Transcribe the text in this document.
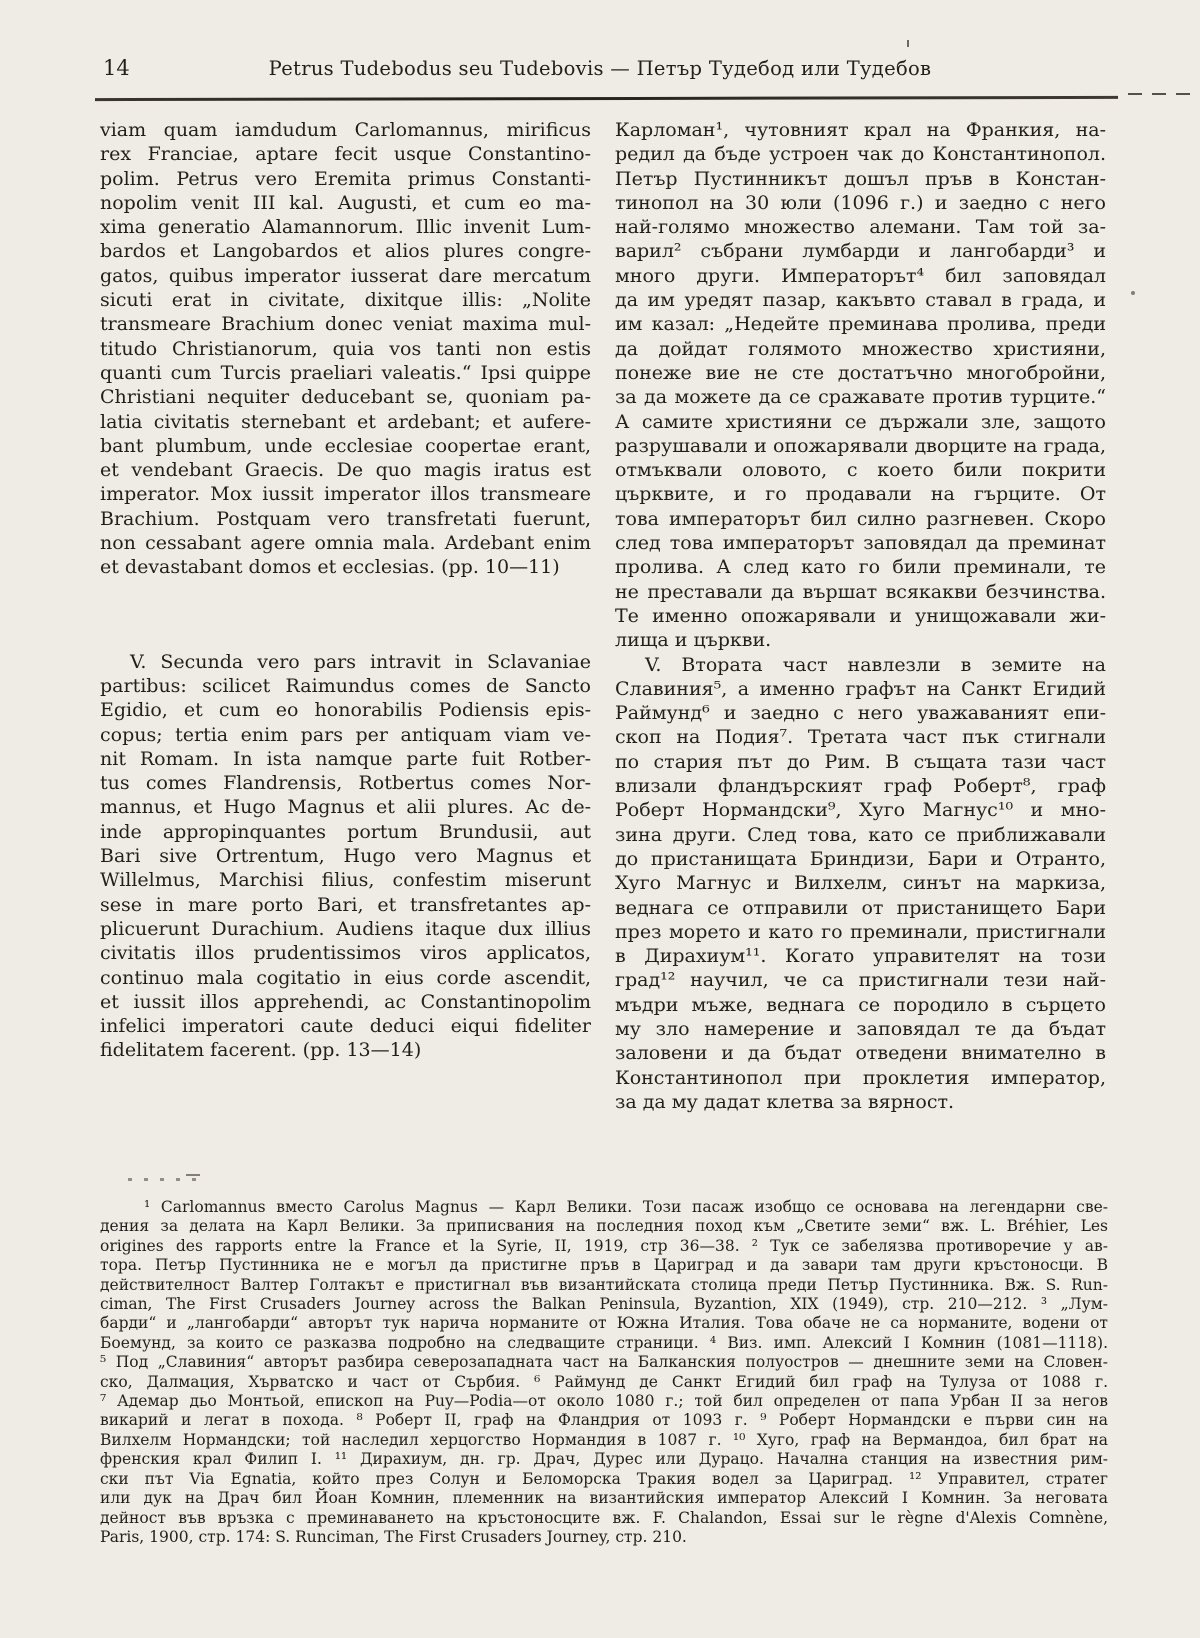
14	Petrus Tudebodus seu Tudebovis — Петър Тудебод или Тудебов
viam quam iamdudum Carlomannus, mirificus
rex Franciae, aptare fecit usque Constantino-
polim. Petrus vero Eremita primus Constanti-
nopolim venit III kal. Augusti, et cum eo ma-
xima generatio Alamannorum. Illic invenit Lum-
bardos et Langobardos et alios plures congre-
gatos, quibus imperator iusserat dare mercatum
sicuti erat in civitate, dixitque illis: „Nolite
transmeare Brachium donec veniat maxima mul-
titudo Christianorum, quia vos tanti non estis
quanti cum Turcis praeliari valeatis.“ Ipsi quippe
Christiani nequiter deducebant se, quoniam pa-
latia civitatis sternebant et ardebant; et aufere-
bant plumbum, unde ecclesiae coopertae erant,
et vendebant Graecis. De quo magis iratus est
imperator. Mox iussit imperator illos transmeare
Brachium. Postquam vero transfretati fuerunt,
non cessabant agere omnia mala. Ardebant enim
et devastabant domos et ecclesias. (pp. 10—11)
V. Secunda vero pars intravit in Sclavaniae
partibus: scilicet Raimundus comes de Sancto
Egidio, et cum eo honorabilis Podiensis epis-
copus; tertia enim pars per antiquam viam ve-
nit Romam. In ista namque parte fuit Rotber-
tus comes Flandrensis, Rotbertus comes Nor-
mannus, et Hugo Magnus et alii plures. Ac de-
inde appropinquantes portum Brundusii, aut
Bari sive Ortrentum, Hugo vero Magnus et
Willelmus, Marchisi filius, confestim miserunt
sese in mare porto Bari, et transfretantes ap-
plicuerunt Durachium. Audiens itaque dux illius
civitatis illos prudentissimos viros applicatos,
continuo mala cogitatio in eius corde ascendit,
et iussit illos apprehendi, ac Constantinopolim
infelici imperatori caute deduci eiqui fideliter
fidelitatem facerent. (pp. 13—14)
Карломан¹, чутовният крал на Франкия, на-
редил да бъде устроен чак до Константинопол.
Петър Пустинникът дошъл пръв в Констан-
тинопол на 30 юли (1096 г.) и заедно с него
най-голямо множество алемани. Там той за-
варил² събрани лумбарди и лангобарди³ и
много други. Императорът⁴ бил заповядал
да им уредят пазар, какъвто ставал в града, и
им казал: „Недейте преминава пролива, преди
да дойдат голямото множество християни,
понеже вие не сте достатъчно многобройни,
за да можете да се сражавате против турците.“
А самите християни се държали зле, защото
разрушавали и опожарявали дворците на града,
отмъквали оловото, с което били покрити
църквите, и го продавали на гърците. От
това императорът бил силно разгневен. Скоро
след това императорът заповядал да преминат
пролива. А след като го били преминали, те
не преставали да вършат всякакви безчинства.
Те именно опожарявали и унищожавали жи-
лища и църкви.
V. Втората част навлезли в земите на
Славиния⁵, а именно графът на Санкт Егидий
Раймунд⁶ и заедно с него уважаваният епи-
скоп на Подия⁷. Третата част пък стигнали
по стария път до Рим. В същата тази част
влизали фландърският граф Роберт⁸, граф
Роберт Нормандски⁹, Хуго Магнус¹⁰ и мно-
зина други. След това, като се приближавали
до пристанищата Бриндизи, Бари и Отранто,
Хуго Магнус и Вилхелм, синът на маркиза,
веднага се отправили от пристанището Бари
през морето и като го преминали, пристигнали
в Дирахиум¹¹. Когато управителят на този
град¹² научил, че са пристигнали тези най-
мъдри мъже, веднага се породило в сърцето
му зло намерение и заповядал те да бъдат
заловени и да бъдат отведени внимателно в
Константинопол при проклетия император,
за да му дадат клетва за вярност.
¹ Carlomannus вместо Carolus Magnus — Карл Велики. Този пасаж изобщо се основава на легендарни све-
дения за делата на Карл Велики. За приписвания на последния поход към „Светите земи“ вж. L. Bréhier, Les
origines des rapports entre la France et la Syrie, II, 1919, стр 36—38. ² Тук се забелязва противоречие у ав-
тора. Петър Пустинника не е могъл да пристигне пръв в Цариград и да завари там други кръстоносци. В
действителност Валтер Голтакът е пристигнал във византийската столица преди Петър Пустинника. Вж. S. Run-
ciman, The First Crusaders Journey across the Balkan Peninsula, Byzantion, XIX (1949), стр. 210—212. ³ „Лум-
барди“ и „лангобарди“ авторът тук нарича норманите от Южна Италия. Това обаче не са норманите, водени от
Боемунд, за които се разказва подробно на следващите страници. ⁴ Виз. имп. Алексий I Комнин (1081—1118).
⁵ Под „Славиния“ авторът разбира северозападната част на Балканския полуостров — днешните земи на Словен-
ско, Далмация, Хърватско и част от Сърбия. ⁶ Раймунд де Санкт Егидий бил граф на Тулуза от 1088 г.
⁷ Адемар дьо Монтьой, епископ на Puy—Podia—от около 1080 г.; той бил определен от папа Урбан II за негов
викарий и легат в похода. ⁸ Роберт II, граф на Фландрия от 1093 г. ⁹ Роберт Нормандски е първи син на
Вилхелм Нормандски; той наследил херцогство Нормандия в 1087 г. ¹⁰ Хуго, граф на Вермандоа, бил брат на
френския крал Филип I. ¹¹ Дирахиум, дн. гр. Драч, Дурес или Дурацо. Начална станция на известния рим-
ски път Via Egnatia, който през Солун и Беломорска Тракия водел за Цариград. ¹² Управител, стратег
или дук на Драч бил Йоан Комнин, племенник на византийския император Алексий I Комнин. За неговата
дейност във връзка с преминаването на кръстоносците вж. F. Chalandon, Essai sur le règne d'Alexis Comnène,
Paris, 1900, стр. 174: S. Runciman, The First Crusaders Journey, стр. 210.
